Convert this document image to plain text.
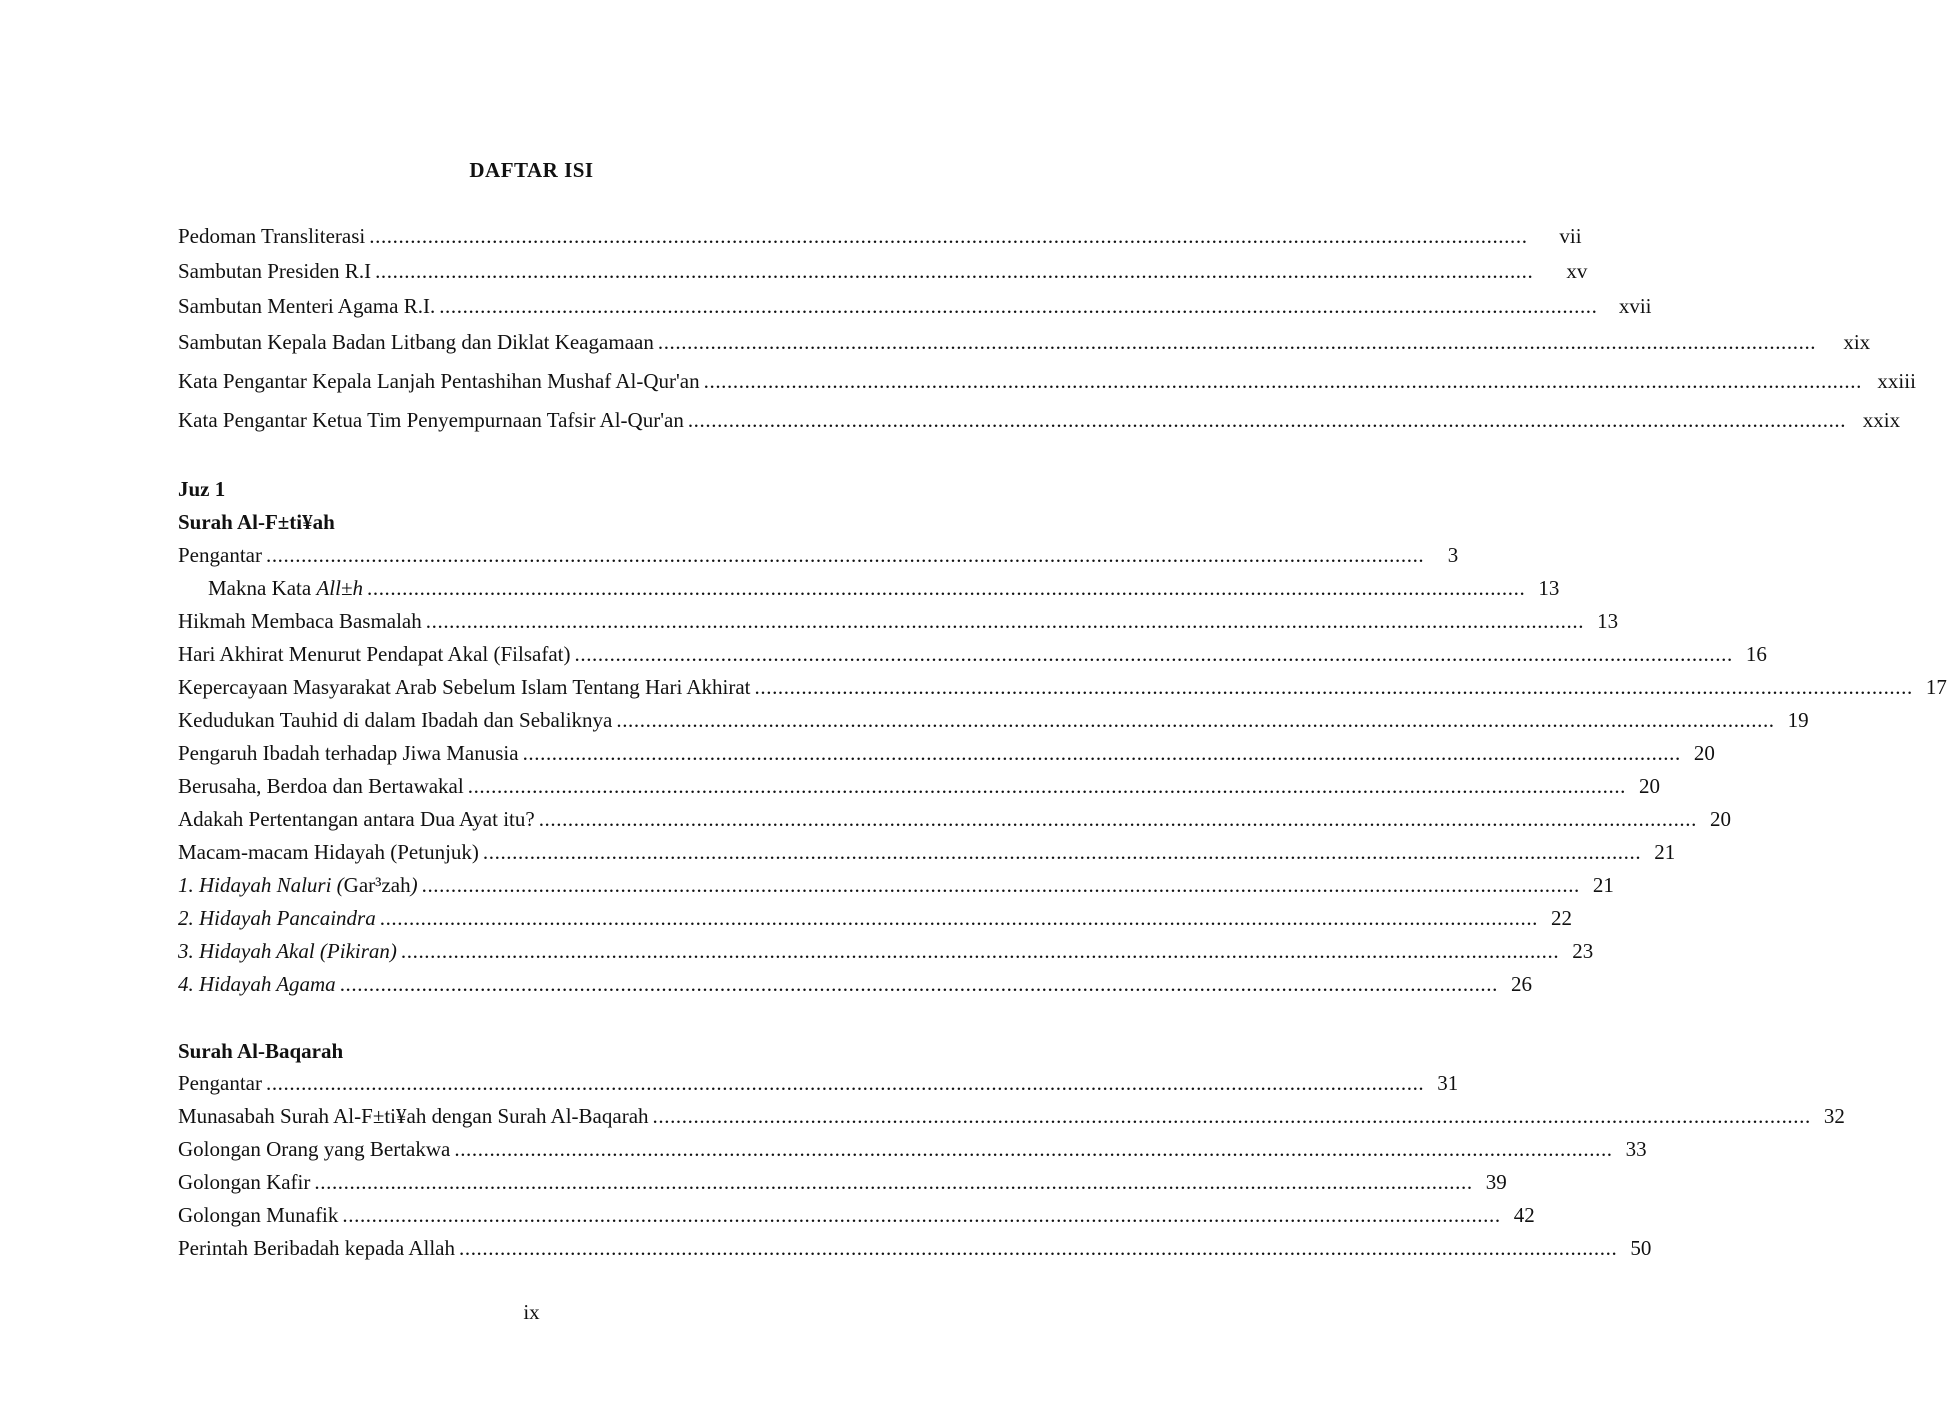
DAFTAR ISI
Pedoman Transliterasi .....	vii
Sambutan Presiden R.I .....	xv
Sambutan Menteri Agama R.I. .....	xvii
Sambutan Kepala Badan Litbang dan Diklat Keagamaan .....	xix
Kata Pengantar Kepala Lanjah Pentashihan Mushaf Al-Qur'an .....	xxiii
Kata Pengantar Ketua Tim Penyempurnaan Tafsir Al-Qur'an .....	xxix
Juz 1
Surah Al-F±ti¥ah
Pengantar .....	3
Makna Kata All±h .....	13
Hikmah Membaca Basmalah .....	13
Hari Akhirat Menurut Pendapat Akal (Filsafat) .....	16
Kepercayaan Masyarakat Arab Sebelum Islam Tentang Hari Akhirat .....	17
Kedudukan Tauhid di dalam Ibadah dan Sebaliknya .....	19
Pengaruh Ibadah terhadap Jiwa Manusia .....	20
Berusaha, Berdoa dan Bertawakal .....	20
Adakah Pertentangan antara Dua Ayat itu? .....	20
Macam-macam Hidayah (Petunjuk) .....	21
1. Hidayah Naluri (Gar³zah) .....	21
2. Hidayah Pancaindra .....	22
3. Hidayah Akal (Pikiran) .....	23
4. Hidayah Agama .....	26
Surah Al-Baqarah
Pengantar .....	31
Munasabah Surah Al-F±ti¥ah dengan Surah Al-Baqarah .....	32
Golongan Orang yang Bertakwa .....	33
Golongan Kafir .....	39
Golongan Munafik .....	42
Perintah Beribadah kepada Allah .....	50
ix
